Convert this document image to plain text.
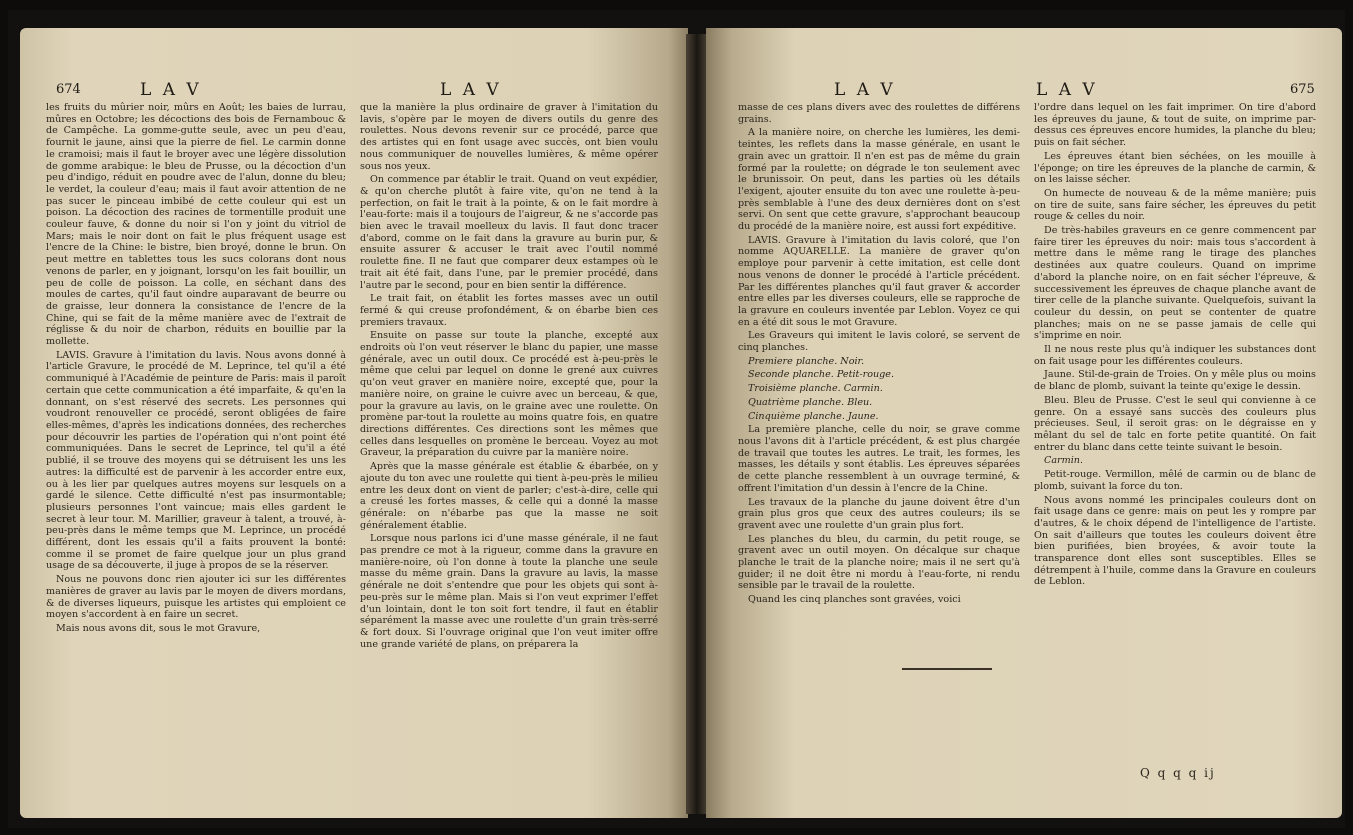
674	L A V	L A V

les fruits du mûrier noir, mûrs en Août; les baies de lurrau, mûres en Octobre; les décoctions des bois de Fernambouc & de Campêche. La gomme-gutte seule, avec un peu d'eau, fournit le jaune, ainsi que la pierre de fiel. Le carmin donne le cramoisi; mais il faut le broyer avec une légère dissolution de gomme arabique: le bleu de Prusse, ou la décoction d'un peu d'indigo, réduit en poudre avec de l'alun, donne du bleu; le verdet, la couleur d'eau; mais il faut avoir attention de ne pas sucer le pinceau imbibé de cette couleur qui est un poison. La décoction des racines de tormentille produit une couleur fauve, & donne du noir si l'on y joint du vitriol de Mars; mais le noir dont on fait le plus fréquent usage est l'encre de la Chine: le bistre, bien broyé, donne le brun. On peut mettre en tablettes tous les sucs colorans dont nous venons de parler, en y joignant, lorsqu'on les fait bouillir, un peu de colle de poisson. La colle, en séchant dans des moules de cartes, qu'il faut oindre auparavant de beurre ou de graisse, leur donnera la consistance de l'encre de la Chine, qui se fait de la même manière avec de l'extrait de réglisse & du noir de charbon, réduits en bouillie par la mollette.

LAVIS. Gravure à l'imitation du lavis. Nous avons donné à l'article Gravure, le procédé de M. Leprince, tel qu'il a été communiqué à l'Académie de peinture de Paris: mais il paroît certain que cette communication a été imparfaite, & qu'en la donnant, on s'est réservé des secrets. Les personnes qui voudront renouveller ce procédé, seront obligées de faire elles-mêmes, d'après les indications données, des recherches pour découvrir les parties de l'opération qui n'ont point été communiquées. Dans le secret de Leprince, tel qu'il a été publié, il se trouve des moyens qui se détruisent les uns les autres: la difficulté est de parvenir à les accorder entre eux, ou à les lier par quelques autres moyens sur lesquels on a gardé le silence. Cette difficulté n'est pas insurmontable; plusieurs personnes l'ont vaincue; mais elles gardent le secret à leur tour. M. Marillier, graveur à talent, a trouvé, à-peu-près dans le même temps que M. Leprince, un procédé différent, dont les essais qu'il a faits prouvent la bonté: comme il se promet de faire quelque jour un plus grand usage de sa découverte, il juge à propos de se la réserver.

Nous ne pouvons donc rien ajouter ici sur les différentes manières de graver au lavis par le moyen de divers mordans, & de diverses liqueurs, puisque les artistes qui emploient ce moyen s'accordent à en faire un secret.

Mais nous avons dit, sous le mot Gravure,

que la manière la plus ordinaire de graver à l'imitation du lavis, s'opère par le moyen de divers outils du genre des roulettes. Nous devons revenir sur ce procédé, parce que des artistes qui en font usage avec succès, ont bien voulu nous communiquer de nouvelles lumières, & même opérer sous nos yeux.

On commence par établir le trait. Quand on veut expédier, & qu'on cherche plutôt à faire vite, qu'on ne tend à la perfection, on fait le trait à la pointe, & on le fait mordre à l'eau-forte: mais il a toujours de l'aigreur, & ne s'accorde pas bien avec le travail moelleux du lavis. Il faut donc tracer d'abord, comme on le fait dans la gravure au burin pur, & ensuite assurer & accuser le trait avec l'outil nommé roulette fine. Il ne faut que comparer deux estampes où le trait ait été fait, dans l'une, par le premier procédé, dans l'autre par le second, pour en bien sentir la différence.

Le trait fait, on établit les fortes masses avec un outil fermé & qui creuse profondément, & on ébarbe bien ces premiers travaux.

Ensuite on passe sur toute la planche, excepté aux endroits où l'on veut réserver le blanc du papier, une masse générale, avec un outil doux. Ce procédé est à-peu-près le même que celui par lequel on donne le grené aux cuivres qu'on veut graver en manière noire, excepté que, pour la manière noire, on graine le cuivre avec un berceau, & que, pour la gravure au lavis, on le graine avec une roulette. On promène par-tout la roulette au moins quatre fois, en quatre directions différentes. Ces directions sont les mêmes que celles dans lesquelles on promène le berceau. Voyez au mot Graveur, la préparation du cuivre par la manière noire.

Après que la masse générale est établie & ébarbée, on y ajoute du ton avec une roulette qui tient à-peu-près le milieu entre les deux dont on vient de parler; c'est-à-dire, celle qui a creusé les fortes masses, & celle qui a donné la masse générale: on n'ébarbe pas que la masse ne soit généralement établie.

Lorsque nous parlons ici d'une masse générale, il ne faut pas prendre ce mot à la rigueur, comme dans la gravure en manière-noire, où l'on donne à toute la planche une seule masse du même grain. Dans la gravure au lavis, la masse générale ne doit s'entendre que pour les objets qui sont à-peu-près sur le même plan. Mais si l'on veut exprimer l'effet d'un lointain, dont le ton soit fort tendre, il faut en établir séparément la masse avec une roulette d'un grain très-serré & fort doux. Si l'ouvrage original que l'on veut imiter offre une grande variété de plans, on préparera la

L A V	L A V	675

masse de ces plans divers avec des roulettes de différens grains.

A la manière noire, on cherche les lumières, les demi-teintes, les reflets dans la masse générale, en usant le grain avec un grattoir. Il n'en est pas de même du grain formé par la roulette; on dégrade le ton seulement avec le brunissoir. On peut, dans les parties où les détails l'exigent, ajouter ensuite du ton avec une roulette à-peu-près semblable à l'une des deux dernières dont on s'est servi. On sent que cette gravure, s'approchant beaucoup du procédé de la manière noire, est aussi fort expéditive.

LAVIS. Gravure à l'imitation du lavis coloré, que l'on nomme AQUARELLE. La manière de graver qu'on employe pour parvenir à cette imitation, est celle dont nous venons de donner le procédé à l'article précédent. Par les différentes planches qu'il faut graver & accorder entre elles par les diverses couleurs, elle se rapproche de la gravure en couleurs inventée par Leblon. Voyez ce qui en a été dit sous le mot Gravure.

Les Graveurs qui imitent le lavis coloré, se servent de cinq planches.

Premiere planche. Noir.

Seconde planche. Petit-rouge.

Troisième planche. Carmin.

Quatrième planche. Bleu.

Cinquième planche. Jaune.

La première planche, celle du noir, se grave comme nous l'avons dit à l'article précédent, & est plus chargée de travail que toutes les autres. Le trait, les formes, les masses, les détails y sont établis. Les épreuves séparées de cette planche ressemblent à un ouvrage terminé, & offrent l'imitation d'un dessin à l'encre de la Chine.

Les travaux de la planche du jaune doivent être d'un grain plus gros que ceux des autres couleurs; ils se gravent avec une roulette d'un grain plus fort.

Les planches du bleu, du carmin, du petit rouge, se gravent avec un outil moyen. On décalque sur chaque planche le trait de la planche noire; mais il ne sert qu'à guider; il ne doit être ni mordu à l'eau-forte, ni rendu sensible par le travail de la roulette.

Quand les cinq planches sont gravées, voici

l'ordre dans lequel on les fait imprimer. On tire d'abord les épreuves du jaune, & tout de suite, on imprime par-dessus ces épreuves encore humides, la planche du bleu; puis on fait sécher.

Les épreuves étant bien séchées, on les mouille à l'éponge; on tire les épreuves de la planche de carmin, & on les laisse sécher.

On humecte de nouveau & de la même manière; puis on tire de suite, sans faire sécher, les épreuves du petit rouge & celles du noir.

De très-habiles graveurs en ce genre commencent par faire tirer les épreuves du noir: mais tous s'accordent à mettre dans le même rang le tirage des planches destinées aux quatre couleurs. Quand on imprime d'abord la planche noire, on en fait sécher l'épreuve, & successivement les épreuves de chaque planche avant de tirer celle de la planche suivante. Quelquefois, suivant la couleur du dessin, on peut se contenter de quatre planches; mais on ne se passe jamais de celle qui s'imprime en noir.

Il ne nous reste plus qu'à indiquer les substances dont on fait usage pour les différentes couleurs.

Jaune. Stil-de-grain de Troies. On y mêle plus ou moins de blanc de plomb, suivant la teinte qu'exige le dessin.

Bleu. Bleu de Prusse. C'est le seul qui convienne à ce genre. On a essayé sans succès des couleurs plus précieuses. Seul, il seroit gras: on le dégraisse en y mêlant du sel de talc en forte petite quantité. On fait entrer du blanc dans cette teinte suivant le besoin.

Carmin.

Petit-rouge. Vermillon, mêlé de carmin ou de blanc de plomb, suivant la force du ton.

Nous avons nommé les principales couleurs dont on fait usage dans ce genre: mais on peut les y rompre par d'autres, & le choix dépend de l'intelligence de l'artiste. On sait d'ailleurs que toutes les couleurs doivent être bien purifiées, bien broyées, & avoir toute la transparence dont elles sont susceptibles. Elles se détrempent à l'huile, comme dans la Gravure en couleurs de Leblon.

Q q q q ij
